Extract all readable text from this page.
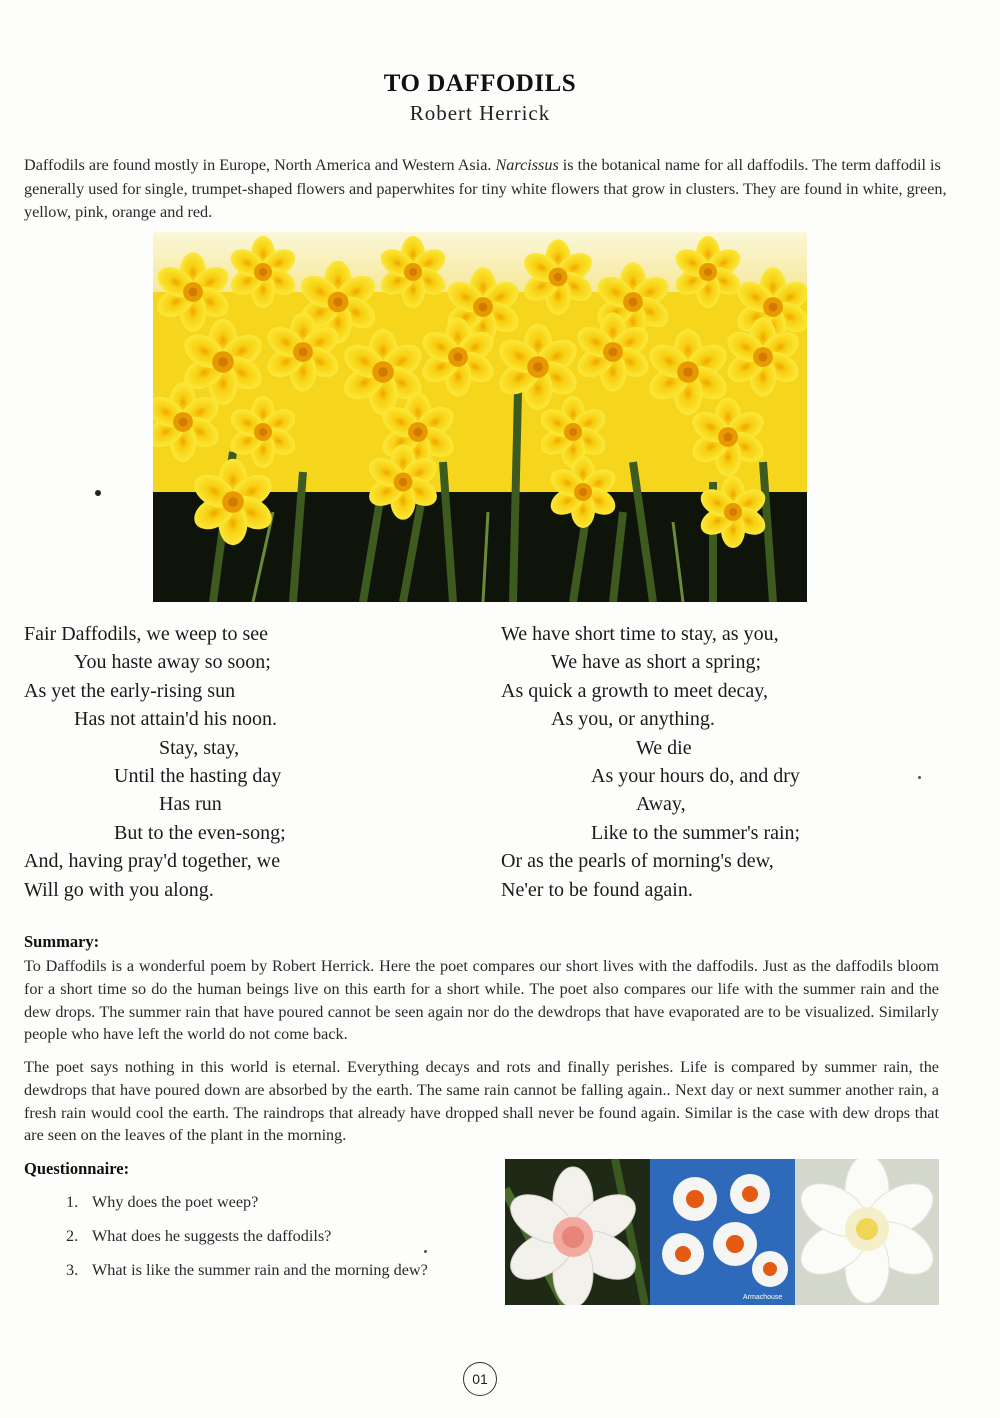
TO DAFFODILS
Robert Herrick
Daffodils are found mostly in Europe, North America and Western Asia. Narcissus is the botanical name for all daffodils. The term daffodil is generally used for single, trumpet-shaped flowers and paperwhites for tiny white flowers that grow in clusters. They are found in white, green, yellow, pink, orange and red.
Fair Daffodils, we weep to see
You haste away so soon;
As yet the early-rising sun
Has not attain'd his noon.
Stay, stay,
Until the hasting day
Has run
But to the even-song;
And, having pray'd together, we
Will go with you along.
We have short time to stay, as you,
We have as short a spring;
As quick a growth to meet decay,
As you, or anything.
We die
As your hours do, and dry
Away,
Like to the summer's rain;
Or as the pearls of morning's dew,
Ne'er to be found again.
Summary:
To Daffodils is a wonderful poem by Robert Herrick. Here the poet compares our short lives with the daffodils. Just as the daffodils bloom for a short time so do the human beings live on this earth for a short while. The poet also compares our life with the summer rain and the dew drops. The summer rain that have poured cannot be seen again nor do the dewdrops that have evaporated are to be visualized. Similarly people who have left the world do not come back.
The poet says nothing in this world is eternal. Everything decays and rots and finally perishes. Life is compared by summer rain, the dewdrops that have poured down are absorbed by the earth. The same rain cannot be falling again.. Next day or next summer another rain, a fresh rain would cool the earth. The raindrops that already have dropped shall never be found again. Similar is the case with dew drops that are seen on the leaves of the plant in the morning.
Questionnaire:
1. Why does the poet weep?
2. What does he suggests the daffodils?
3. What is like the summer rain and the morning dew?
Armachouse
01
